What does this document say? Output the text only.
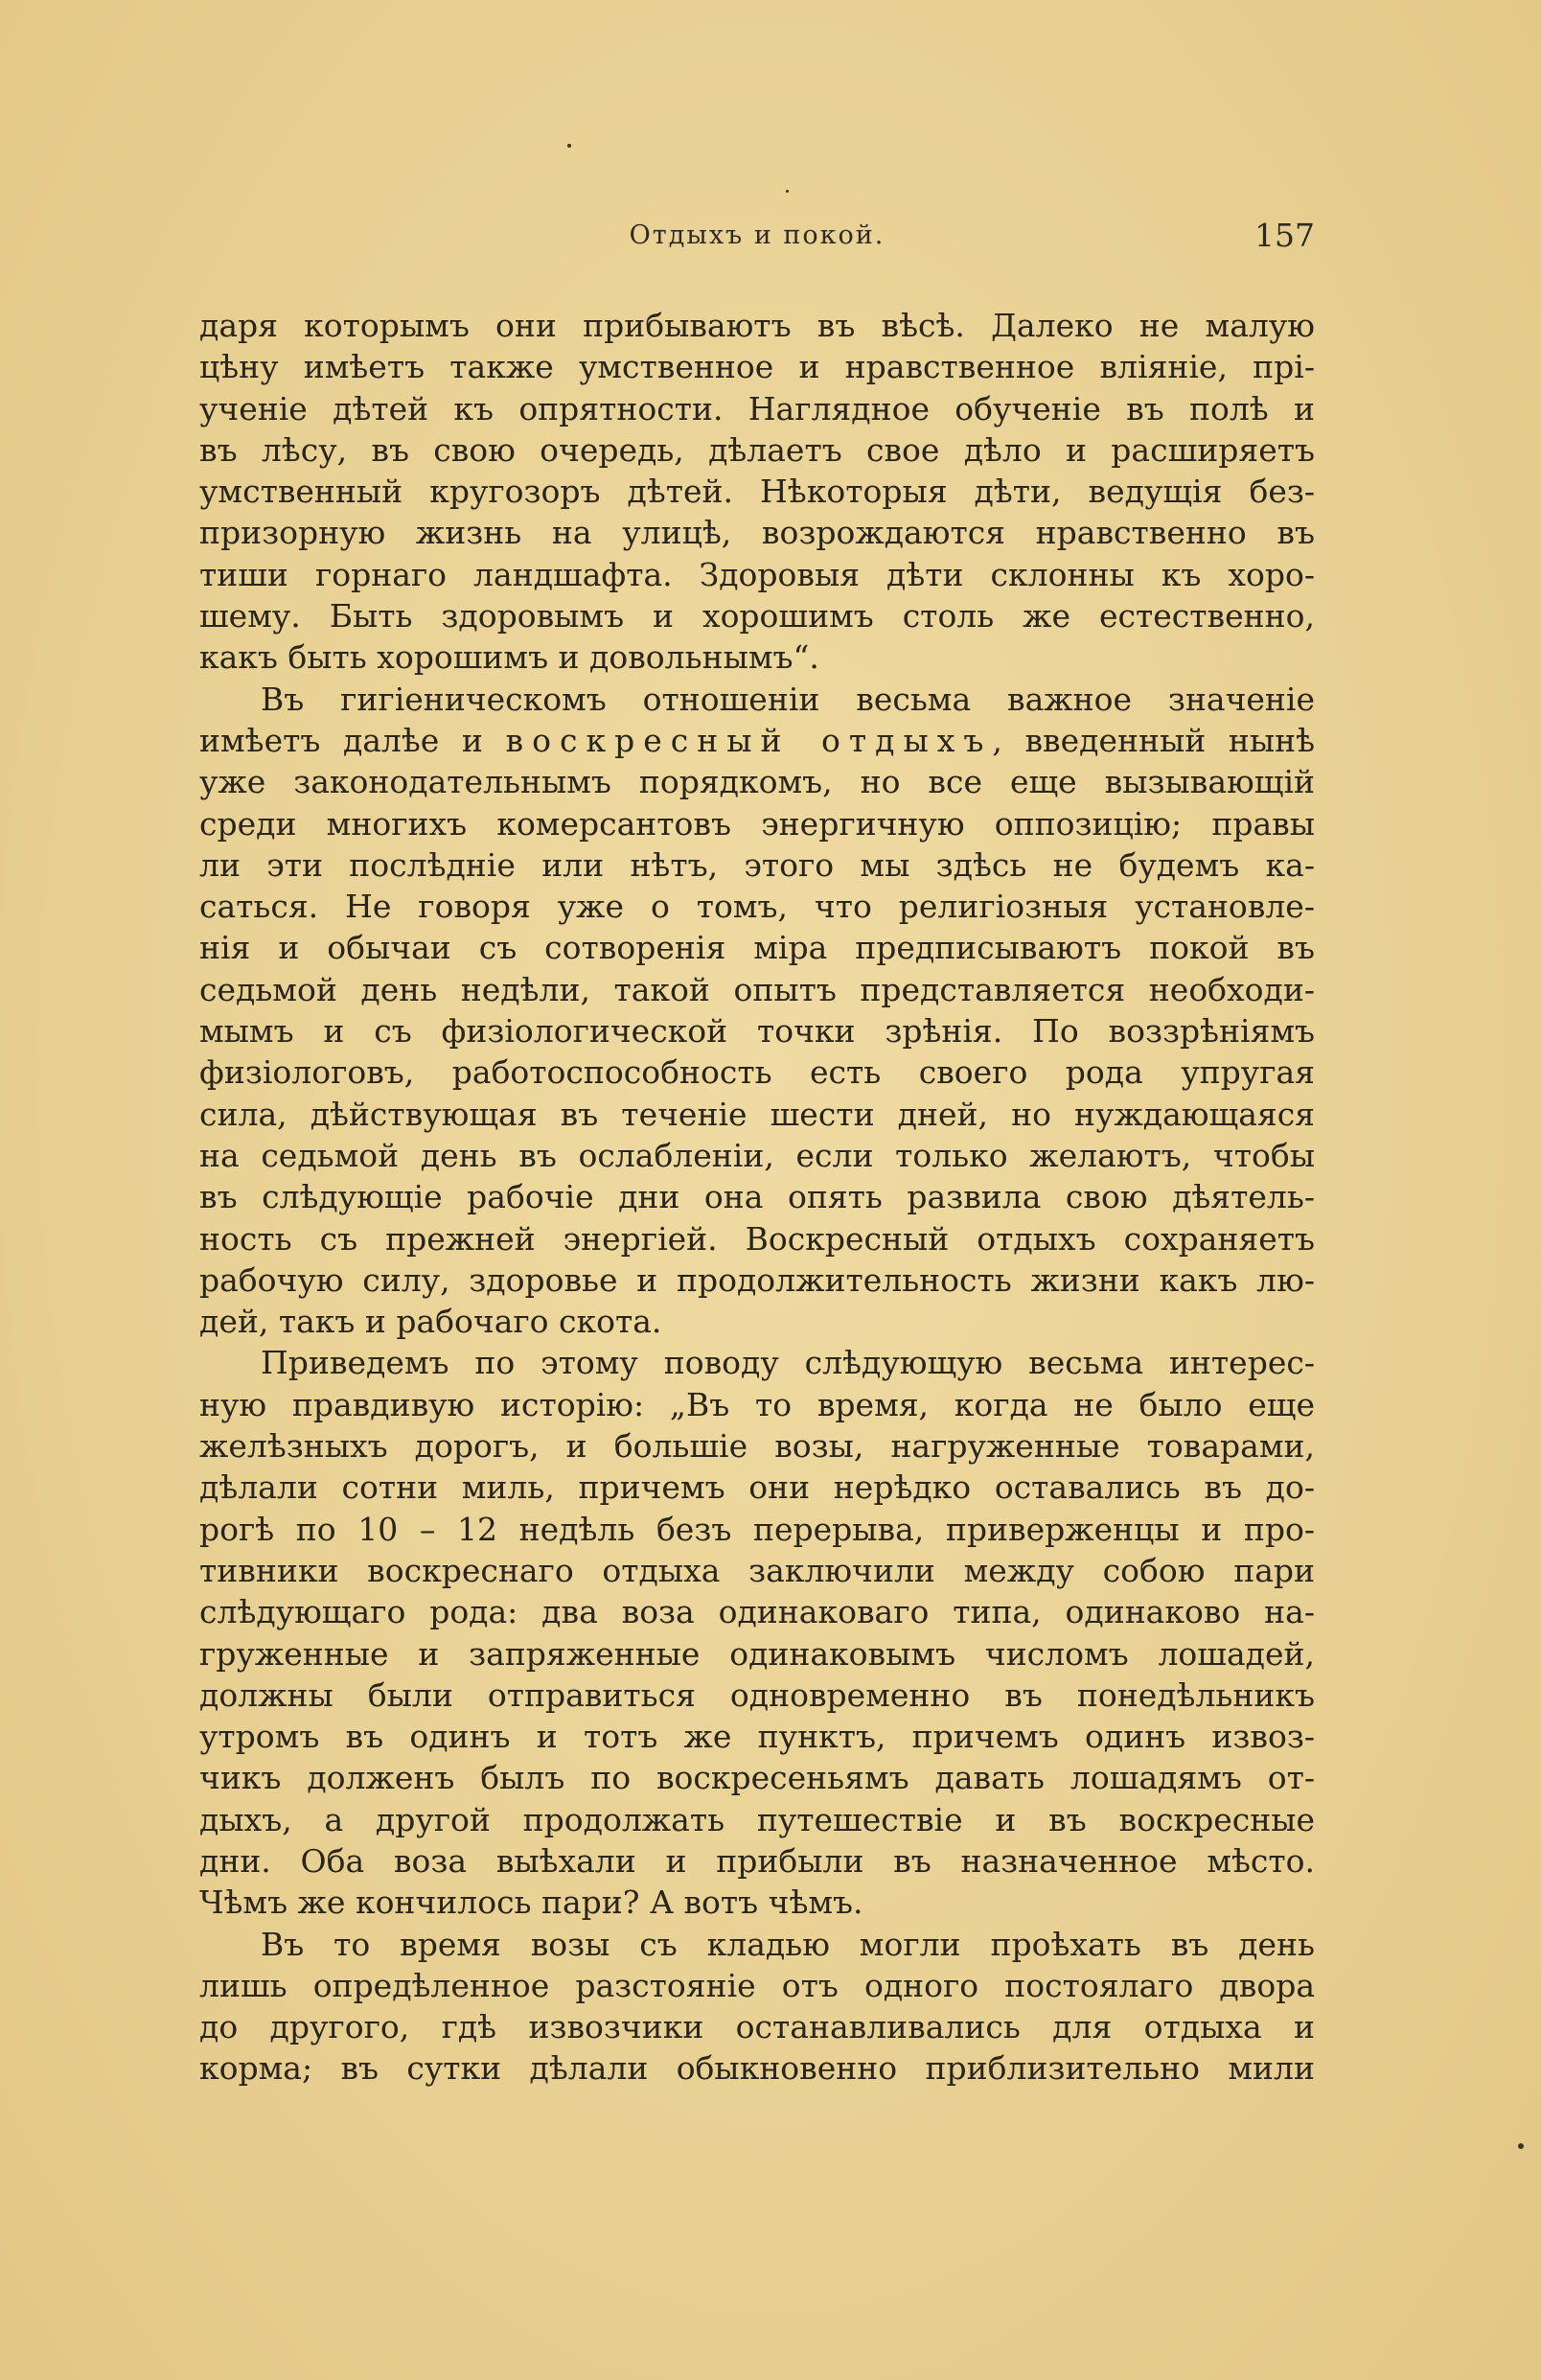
Отдыхъ и покой.	157
даря которымъ они прибываютъ въ вѣсѣ. Далеко не малую
цѣну имѣетъ также умственное и нравственное вліяніе, пpi-
ученіе дѣтей къ опрятности. Наглядное обученіе въ полѣ и
въ лѣсу, въ свою очередь, дѣлаетъ свое дѣло и расширяетъ
умственный кругозоръ дѣтей. Нѣкоторыя дѣти, ведущія без-
призорную жизнь на улицѣ, возрождаются нравственно въ
тиши горнаго ландшафта. Здоровыя дѣти склонны къ хоро-
шему. Быть здоровымъ и хорошимъ столь же естественно,
какъ быть хорошимъ и довольнымъ“.
Въ гигіеническомъ отношеніи весьма важное значеніе
имѣетъ далѣе и воскресный отдыхъ, введенный нынѣ
уже законодательнымъ порядкомъ, но все еще вызывающій
среди многихъ комерсантовъ энергичную оппозицію; правы
ли эти послѣдніе или нѣтъ, этого мы здѣсь не будемъ ка-
саться. Не говоря уже о томъ, что религіозныя установле-
нія и обычаи съ сотворенія міра предписываютъ покой въ
седьмой день недѣли, такой опытъ представляется необходи-
мымъ и съ физіологической точки зрѣнія. По воззрѣніямъ
физіологовъ, работоспособность есть своего рода упругая
сила, дѣйствующая въ теченіе шести дней, но нуждающаяся
на седьмой день въ ослабленіи, если только желаютъ, чтобы
въ слѣдующіе рабочіе дни она опять развила свою дѣятель-
ность съ прежней энергіей. Воскресный отдыхъ сохраняетъ
рабочую силу, здоровье и продолжительность жизни какъ лю-
дей, такъ и рабочаго скота.
Приведемъ по этому поводу слѣдующую весьма интерес-
ную правдивую исторію: „Въ то время, когда не было еще
желѣзныхъ дорогъ, и большіе возы, нагруженные товарами,
дѣлали сотни миль, причемъ они нерѣдко оставались въ до-
рогѣ по 10 – 12 недѣль безъ перерыва, приверженцы и про-
тивники воскреснаго отдыха заключили между собою пари
слѣдующаго рода: два воза одинаковаго типа, одинаково на-
груженные и запряженные одинаковымъ числомъ лошадей,
должны были отправиться одновременно въ понедѣльникъ
утромъ въ одинъ и тотъ же пунктъ, причемъ одинъ извоз-
чикъ долженъ былъ по воскресеньямъ давать лошадямъ от-
дыхъ, а другой продолжать путешествіе и въ воскресные
дни. Оба воза выѣхали и прибыли въ назначенное мѣсто.
Чѣмъ же кончилось пари? А вотъ чѣмъ.
Въ то время возы съ кладью могли проѣхать въ день
лишь опредѣленное разстояніе отъ одного постоялаго двора
до другого, гдѣ извозчики останавливались для отдыха и
корма; въ сутки дѣлали обыкновенно приблизительно мили
